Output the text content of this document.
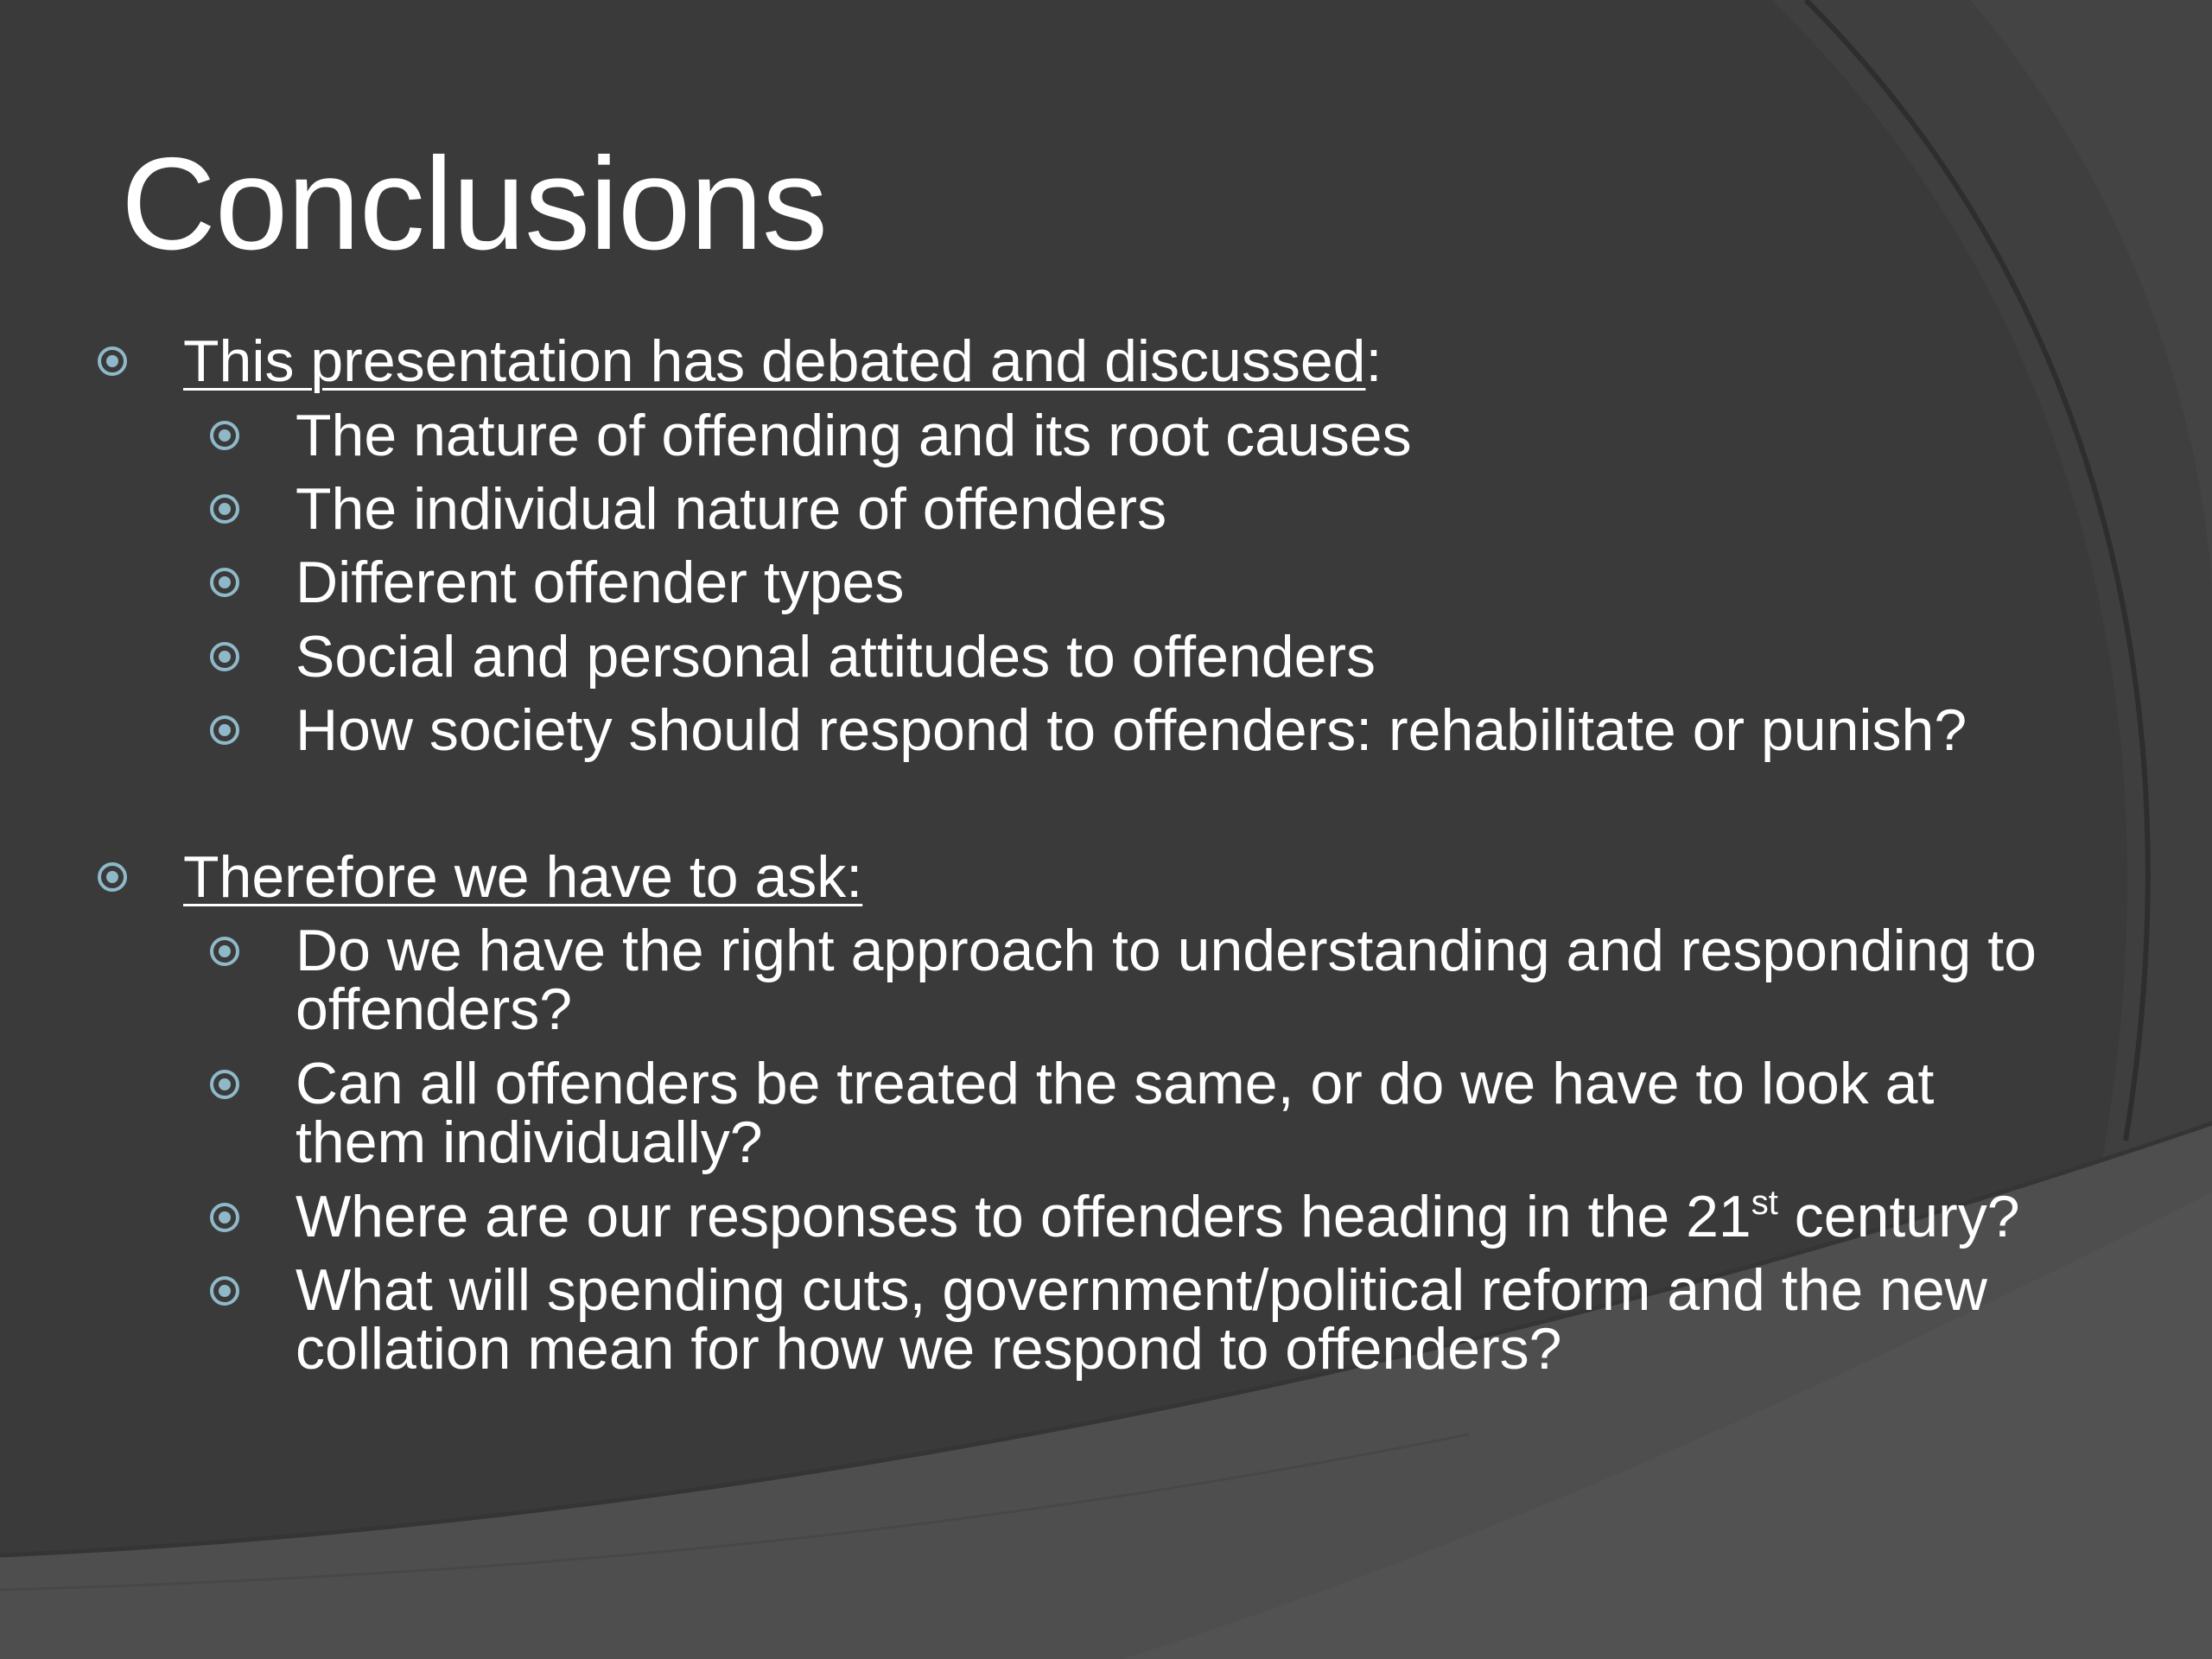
Conclusions
This presentation has debated and discussed:
The nature of offending and its root causes
The individual nature of offenders
Different offender types
Social and personal attitudes to offenders
How society should respond to offenders: rehabilitate or punish?
Therefore we have to ask:
Do we have the right approach to understanding and responding to
offenders?
Can all offenders be treated the same, or do we have to look at
them individually?
Where are our responses to offenders heading in the 21st century?
What will spending cuts, government/political reform and the new
collation mean for how we respond to offenders?
